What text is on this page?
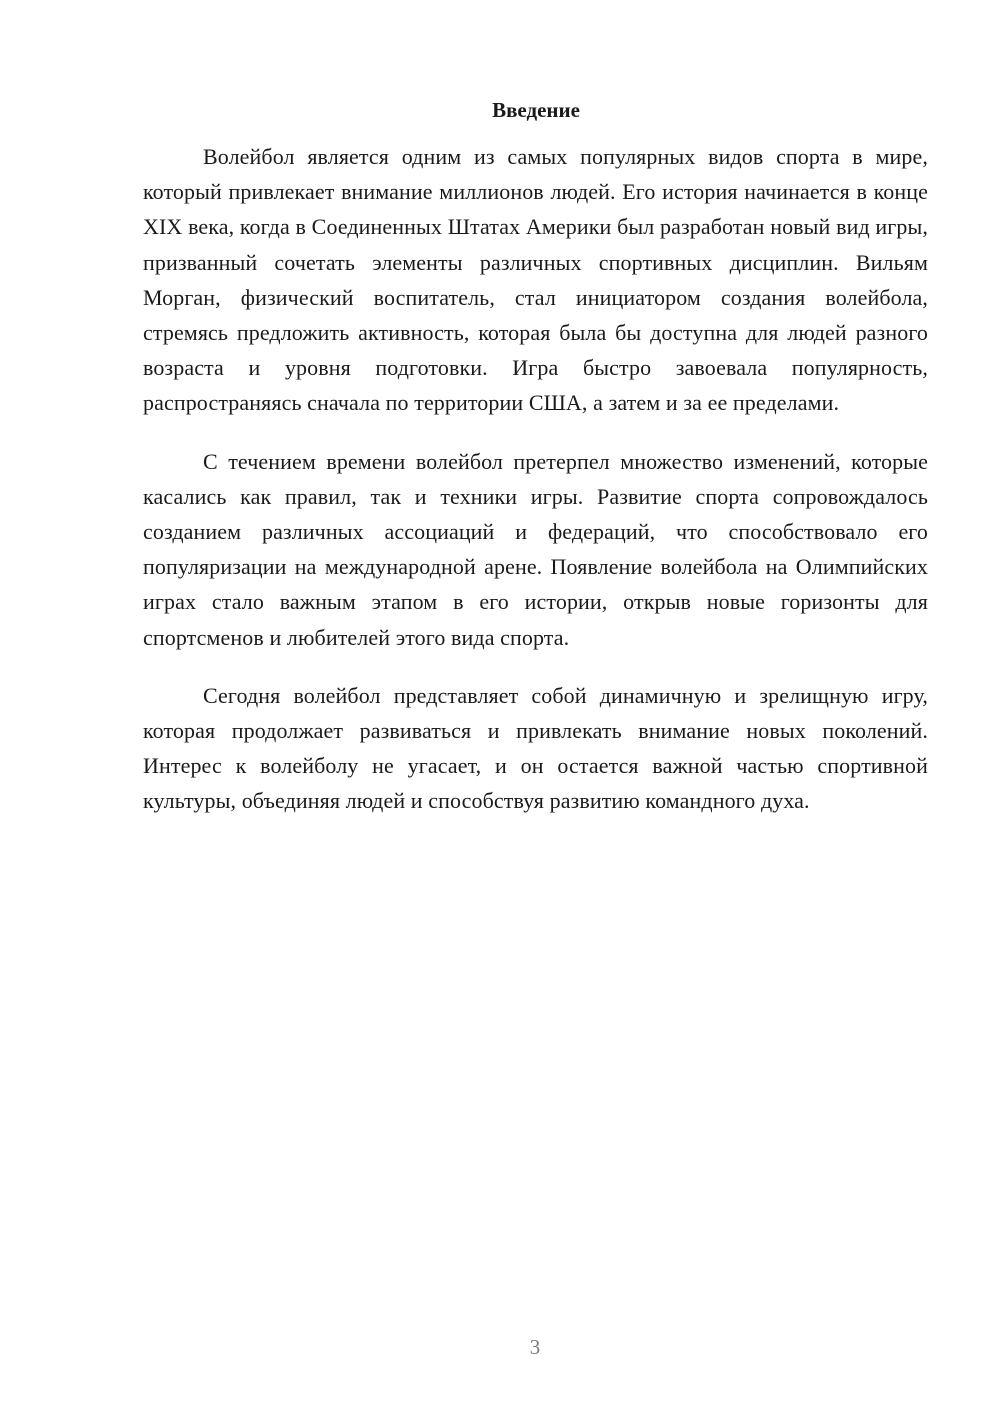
Введение

Волейбол является одним из самых популярных видов спорта в мире, который привлекает внимание миллионов людей. Его история начинается в конце XIX века, когда в Соединенных Штатах Америки был разработан новый вид игры, призванный сочетать элементы различных спортивных дисциплин. Вильям Морган, физический воспитатель, стал инициатором создания волейбола, стремясь предложить активность, которая была бы доступна для людей разного возраста и уровня подготовки. Игра быстро завоевала популярность, распространяясь сначала по территории США, а затем и за ее пределами.

С течением времени волейбол претерпел множество изменений, которые касались как правил, так и техники игры. Развитие спорта сопровождалось созданием различных ассоциаций и федераций, что способствовало его популяризации на международной арене. Появление волейбола на Олимпийских играх стало важным этапом в его истории, открыв новые горизонты для спортсменов и любителей этого вида спорта.

Сегодня волейбол представляет собой динамичную и зрелищную игру, которая продолжает развиваться и привлекать внимание новых поколений. Интерес к волейболу не угасает, и он остается важной частью спортивной культуры, объединяя людей и способствуя развитию командного духа.

3
